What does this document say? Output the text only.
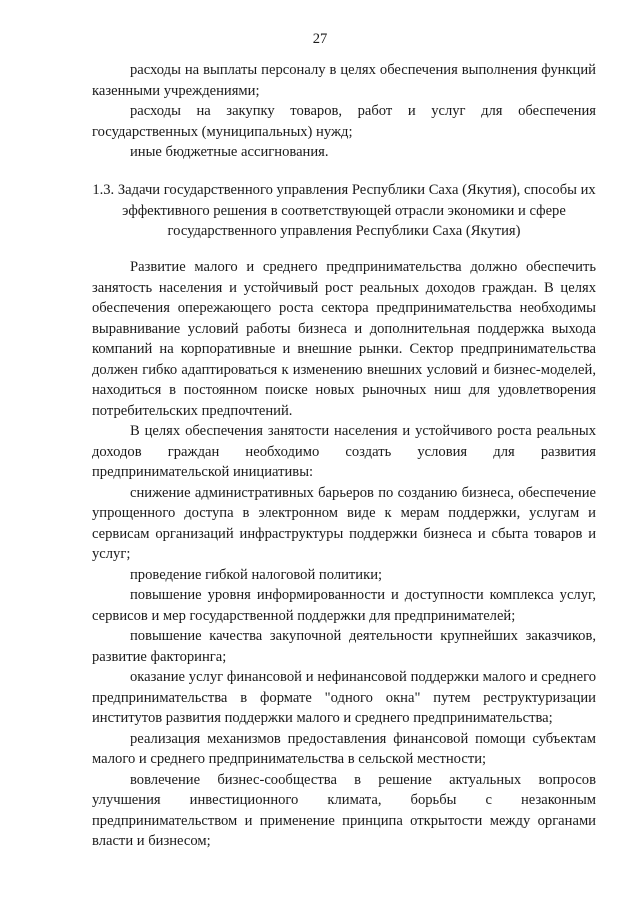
27

расходы на выплаты персоналу в целях обеспечения выполнения функций казенными учреждениями;

расходы на закупку товаров, работ и услуг для обеспечения государственных (муниципальных) нужд;

иные бюджетные ассигнования.

1.3. Задачи государственного управления Республики Саха (Якутия), способы их эффективного решения в соответствующей отрасли экономики и сфере государственного управления Республики Саха (Якутия)

Развитие малого и среднего предпринимательства должно обеспечить занятость населения и устойчивый рост реальных доходов граждан. В целях обеспечения опережающего роста сектора предпринимательства необходимы выравнивание условий работы бизнеса и дополнительная поддержка выхода компаний на корпоративные и внешние рынки. Сектор предпринимательства должен гибко адаптироваться к изменению внешних условий и бизнес-моделей, находиться в постоянном поиске новых рыночных ниш для удовлетворения потребительских предпочтений.

В целях обеспечения занятости населения и устойчивого роста реальных доходов граждан необходимо создать условия для развития предпринимательской инициативы:

снижение административных барьеров по созданию бизнеса, обеспечение упрощенного доступа в электронном виде к мерам поддержки, услугам и сервисам организаций инфраструктуры поддержки бизнеса и сбыта товаров и услуг;

проведение гибкой налоговой политики;

повышение уровня информированности и доступности комплекса услуг, сервисов и мер государственной поддержки для предпринимателей;

повышение качества закупочной деятельности крупнейших заказчиков, развитие факторинга;

оказание услуг финансовой и нефинансовой поддержки малого и среднего предпринимательства в формате "одного окна" путем реструктуризации институтов развития поддержки малого и среднего предпринимательства;

реализация механизмов предоставления финансовой помощи субъектам малого и среднего предпринимательства в сельской местности;

вовлечение бизнес-сообщества в решение актуальных вопросов улучшения инвестиционного климата, борьбы с незаконным предпринимательством и применение принципа открытости между органами власти и бизнесом;
